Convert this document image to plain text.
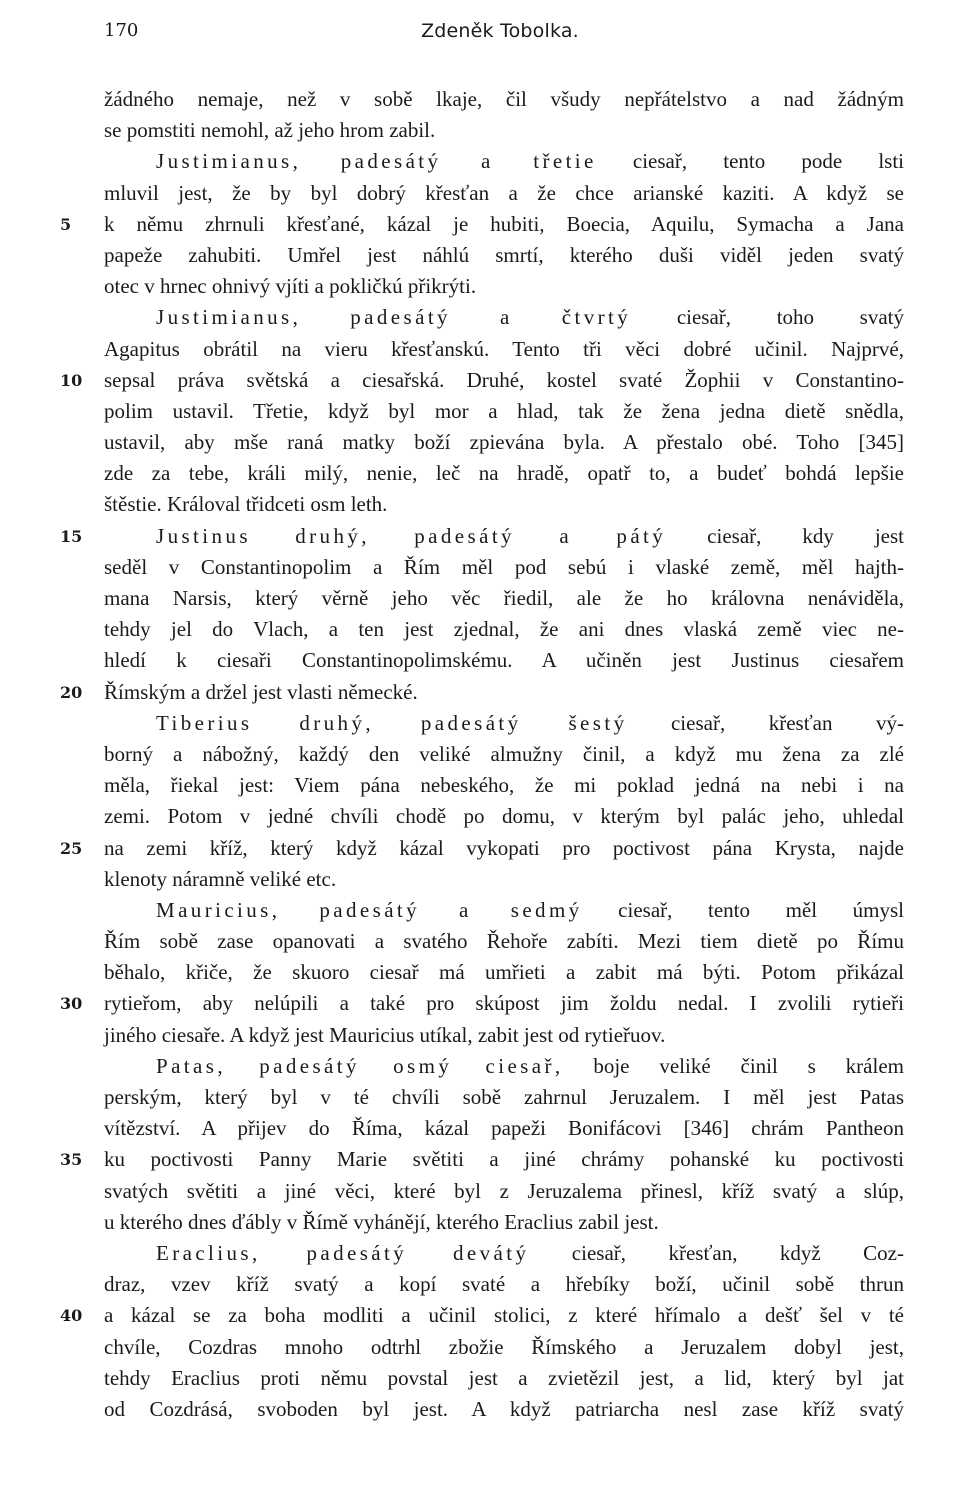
170	Zdeněk Tobolka.
žádného nemaje, než v sobě lkaje, čil všudy nepřátelstvo a nad žádným
se pomstiti nemohl, až jeho hrom zabil.
Justimianus, padesátý a třetie ciesař, tento pode lsti
mluvil jest, že by byl dobrý křesťan a že chce arianské kaziti. A když se
5	k němu zhrnuli křesťané, kázal je hubiti, Boecia, Aquilu, Symacha a Jana
papeže zahubiti. Umřel jest náhlú smrtí, kterého duši viděl jeden svatý
otec v hrnec ohnivý vjíti a pokličkú přikrýti.
Justimianus, padesátý a čtvrtý ciesař, toho svatý
Agapitus obrátil na vieru křesťanskú. Tento tři věci dobré učinil. Najprvé,
10	sepsal práva světská a ciesařská. Druhé, kostel svaté Žophii v Constantino-
polim ustavil. Třetie, když byl mor a hlad, tak že žena jedna dietě snědla,
ustavil, aby mše raná matky boží zpievána byla. A přestalo obé. Toho [345]
zde za tebe, králi milý, nenie, leč na hradě, opatř to, a budeť bohdá lepšie
štěstie. Královal třidceti osm leth.
15	Justinus druhý, padesátý a pátý ciesař, kdy jest
seděl v Constantinopolim a Řím měl pod sebú i vlaské země, měl hajth-
mana Narsis, který věrně jeho věc řiedil, ale že ho královna nenáviděla,
tehdy jel do Vlach, a ten jest zjednal, že ani dnes vlaská země viec ne-
hledí k ciesaři Constantinopolimskému. A učiněn jest Justinus ciesařem
20	Římským a držel jest vlasti německé.
Tiberius druhý, padesátý šestý ciesař, křesťan vý-
borný a nábožný, každý den veliké almužny činil, a když mu žena za zlé
měla, řiekal jest: Viem pána nebeského, že mi poklad jedná na nebi i na
zemi. Potom v jedné chvíli chodě po domu, v kterým byl palác jeho, uhledal
25	na zemi kříž, který když kázal vykopati pro poctivost pána Krysta, najde
klenoty náramně veliké etc.
Mauricius, padesátý a sedmý ciesař, tento měl úmysl
Řím sobě zase opanovati a svatého Řehoře zabíti. Mezi tiem dietě po Římu
běhalo, křiče, že skuoro ciesař má umřieti a zabit má býti. Potom přikázal
30	rytieřom, aby nelúpili a také pro skúpost jim žoldu nedal. I zvolili rytieři
jiného ciesaře. A když jest Mauricius utíkal, zabit jest od rytieřuov.
Patas, padesátý osmý ciesař, boje veliké činil s králem
perským, který byl v té chvíli sobě zahrnul Jeruzalem. I měl jest Patas
vítězství. A přijev do Říma, kázal papeži Bonifácovi [346] chrám Pantheon
35	ku poctivosti Panny Marie světiti a jiné chrámy pohanské ku poctivosti
svatých světiti a jiné věci, které byl z Jeruzalema přinesl, kříž svatý a slúp,
u kterého dnes ďábly v Římě vyhánějí, kterého Eraclius zabil jest.
Eraclius, padesátý devátý ciesař, křesťan, když Coz-
draz, vzev kříž svatý a kopí svaté a hřebíky boží, učinil sobě thrun
40	a kázal se za boha modliti a učinil stolici, z které hřímalo a dešť šel v té
chvíle, Cozdras mnoho odtrhl zbožie Římského a Jeruzalem dobyl jest,
tehdy Eraclius proti němu povstal jest a zvietězil jest, a lid, který byl jat
od Cozdrásá, svoboden byl jest. A když patriarcha nesl zase kříž svatý
